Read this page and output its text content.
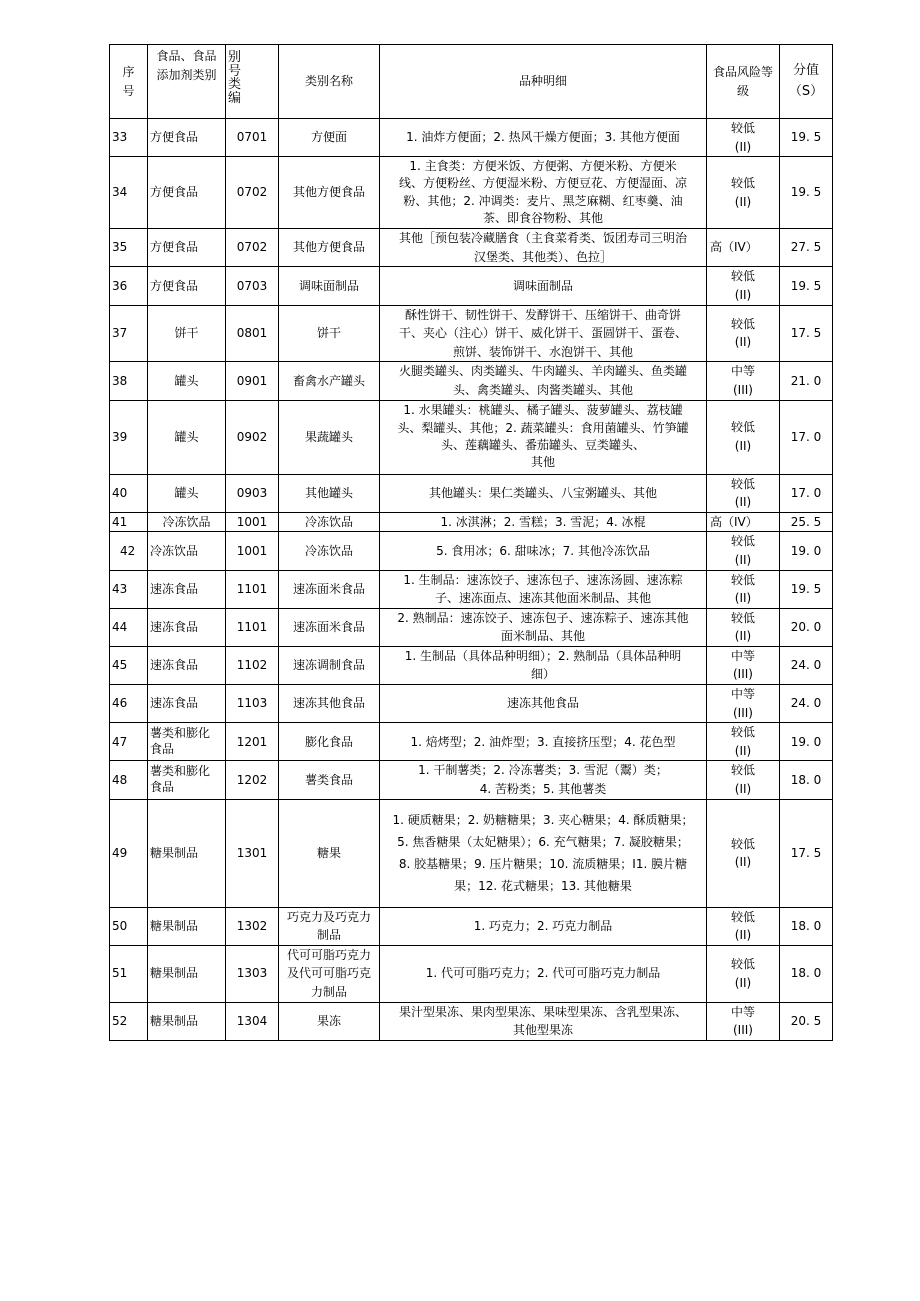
序
号	食品、食品
添加剂类别	别
号
类
编	类别名称	品种明细	食品风险等
级	分值
（S）
33	方便食品	0701	方便面	1. 油炸方便面；2. 热风干燥方便面；3. 其他方便面	较低
(II)	19. 5
34	方便食品	0702	其他方便食品	1. 主食类：方便米饭、方便粥、方便米粉、方便米
线、方便粉丝、方便湿米粉、方便豆花、方便湿面、凉
粉、其他；2. 冲调类：麦片、黑芝麻糊、红枣羹、油
茶、即食谷物粉、其他	较低
(II)	19. 5
35	方便食品	0702	其他方便食品	其他［预包装冷藏膳食（主食菜肴类、饭团寿司三明治
汉堡类、其他类）、色拉］	高（IV）	27. 5
36	方便食品	0703	调味面制品	调味面制品	较低
(II)	19. 5
37	饼干	0801	饼干	酥性饼干、韧性饼干、发酵饼干、压缩饼干、曲奇饼
干、夹心（注心）饼干、威化饼干、蛋圆饼干、蛋卷、
煎饼、装饰饼干、水泡饼干、其他	较低
(II)	17. 5
38	罐头	0901	畜禽水产罐头	火腿类罐头、肉类罐头、牛肉罐头、羊肉罐头、鱼类罐
头、禽类罐头、肉酱类罐头、其他	中等
(III)	21. 0
39	罐头	0902	果蔬罐头	1. 水果罐头：桃罐头、橘子罐头、菠萝罐头、荔枝罐
头、梨罐头、其他；2. 蔬菜罐头：食用菌罐头、竹笋罐
头、莲藕罐头、番茄罐头、豆类罐头、
其他	较低
(II)	17. 0
40	罐头	0903	其他罐头	其他罐头：果仁类罐头、八宝粥罐头、其他	较低
(II)	17. 0
41	冷冻饮品	1001	冷冻饮品	1. 冰淇淋；2. 雪糕；3. 雪泥；4. 冰棍	高（IV）	25. 5
42	冷冻饮品	1001	冷冻饮品	5. 食用冰；6. 甜味冰；7. 其他冷冻饮品	较低
(II)	19. 0
43	速冻食品	1101	速冻面米食品	1. 生制品：速冻饺子、速冻包子、速冻汤圆、速冻粽
子、速冻面点、速冻其他面米制品、其他	较低
(II)	19. 5
44	速冻食品	1101	速冻面米食品	2. 熟制品：速冻饺子、速冻包子、速冻粽子、速冻其他
面米制品、其他	较低
(II)	20. 0
45	速冻食品	1102	速冻调制食品	1. 生制品（具体品种明细）；2. 熟制品（具体品种明
细）	中等
(III)	24. 0
46	速冻食品	1103	速冻其他食品	速冻其他食品	中等
(III)	24. 0
47	薯类和膨化
食品	1201	膨化食品	1. 焙烤型；2. 油炸型；3. 直接挤压型；4. 花色型	较低
(II)	19. 0
48	薯类和膨化
食品	1202	薯类食品	1. 干制薯类；2. 冷冻薯类；3. 雪泥（鬻）类；
4. 苦粉类；5. 其他薯类	较低
(II)	18. 0
49	糖果制品	1301	糖果	1. 硬质糖果；2. 奶糖糖果；3. 夹心糖果；4. 酥质糖果；
5. 焦香糖果（太妃糖果）；6. 充气糖果；7. 凝胶糖果；
8. 胶基糖果；9. 压片糖果；10. 流质糖果；I1. 膜片糖
果；12. 花式糖果；13. 其他糖果	较低
(II)	17. 5
50	糖果制品	1302	巧克力及巧克力
制品	1. 巧克力；2. 巧克力制品	较低
(II)	18. 0
51	糖果制品	1303	代可可脂巧克力
及代可可脂巧克
力制品	1. 代可可脂巧克力；2. 代可可脂巧克力制品	较低
(II)	18. 0
52	糖果制品	1304	果冻	果汁型果冻、果肉型果冻、果味型果冻、含乳型果冻、
其他型果冻	中等
(III)	20. 5
